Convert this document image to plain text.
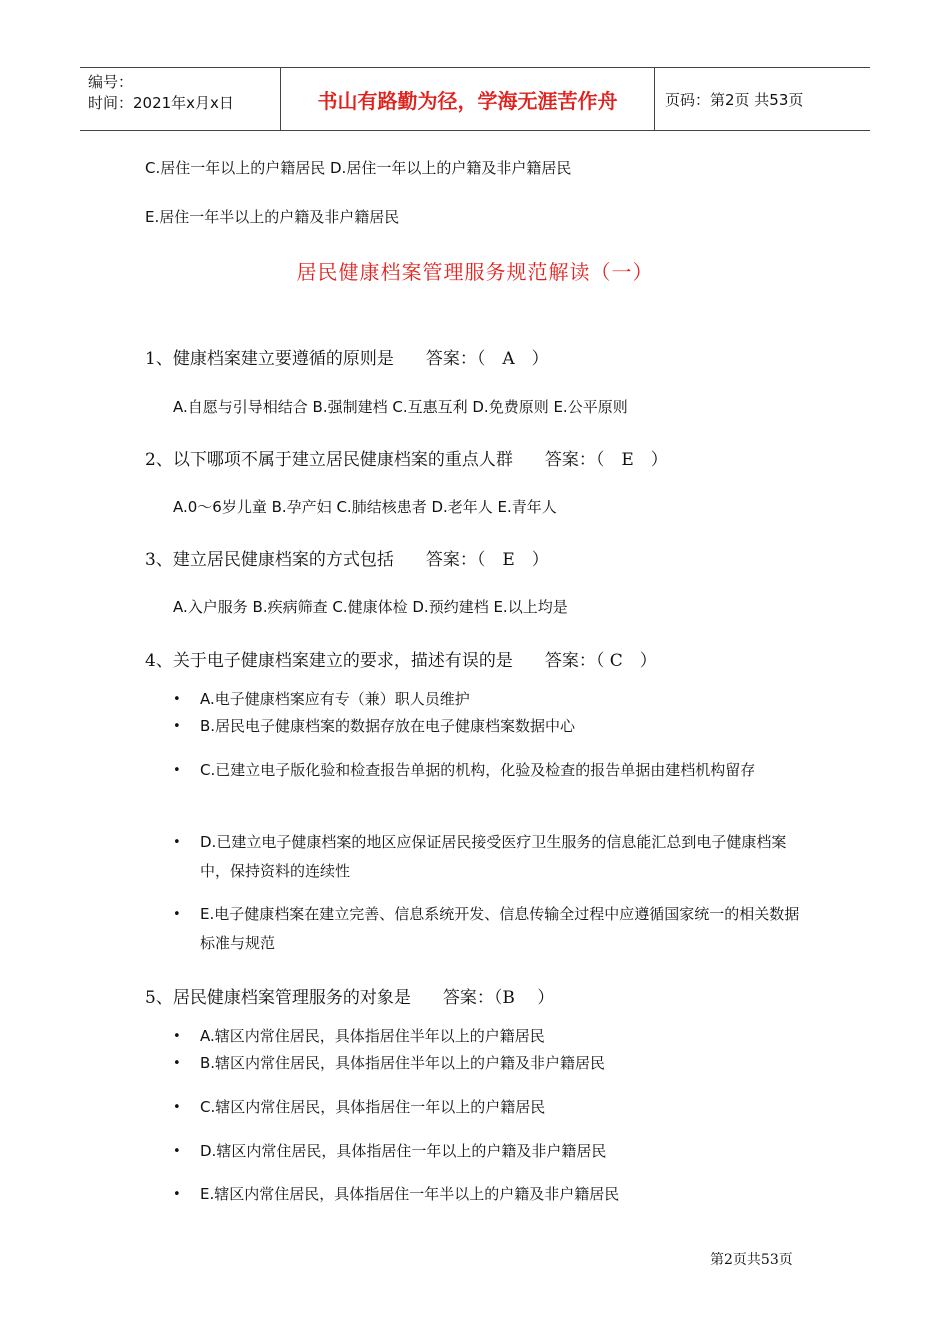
编号：
时间：2021年x月x日	书山有路勤为径，学海无涯苦作舟	页码：第2页 共53页
C.居住一年以上的户籍居民 D.居住一年以上的户籍及非户籍居民
E.居住一年半以上的户籍及非户籍居民
居民健康档案管理服务规范解读（一）
1、健康档案建立要遵循的原则是 答案：（　A　）
A.自愿与引导相结合 B.强制建档 C.互惠互利 D.免费原则 E.公平原则
2、以下哪项不属于建立居民健康档案的重点人群 答案：（　E　）
A.0～6岁儿童 B.孕产妇 C.肺结核患者 D.老年人 E.青年人
3、建立居民健康档案的方式包括 答案：（　E　）
A.入户服务 B.疾病筛查 C.健康体检 D.预约建档 E.以上均是
4、关于电子健康档案建立的要求，描述有误的是 答案：（ C　）
•	A.电子健康档案应有专（兼）职人员维护
•	B.居民电子健康档案的数据存放在电子健康档案数据中心
•	C.已建立电子版化验和检查报告单据的机构，化验及检查的报告单据由建档机构留存
•	D.已建立电子健康档案的地区应保证居民接受医疗卫生服务的信息能汇总到电子健康档案中，保持资料的连续性
•	E.电子健康档案在建立完善、信息系统开发、信息传输全过程中应遵循国家统一的相关数据标准与规范
5、居民健康档案管理服务的对象是 答案：（B　 ）
•	A.辖区内常住居民，具体指居住半年以上的户籍居民
•	B.辖区内常住居民，具体指居住半年以上的户籍及非户籍居民
•	C.辖区内常住居民，具体指居住一年以上的户籍居民
•	D.辖区内常住居民，具体指居住一年以上的户籍及非户籍居民
•	E.辖区内常住居民，具体指居住一年半以上的户籍及非户籍居民
第2页共53页
